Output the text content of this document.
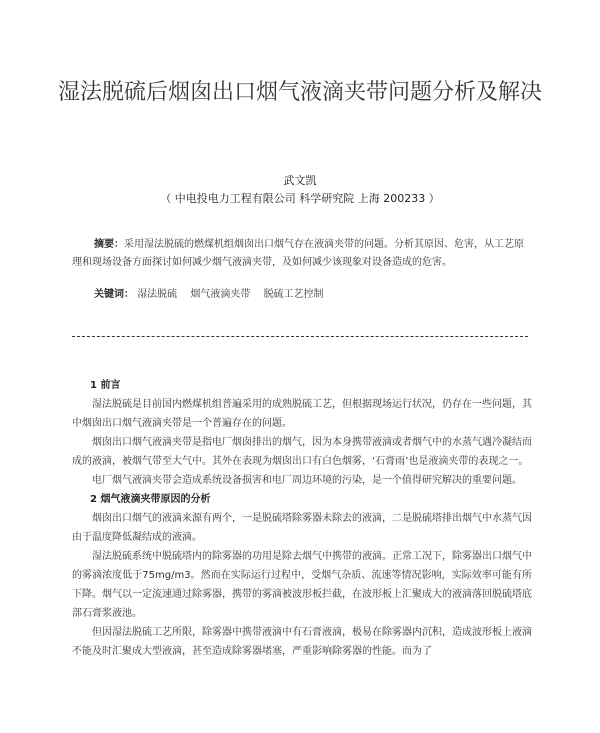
湿法脱硫后烟囱出口烟气液滴夹带问题分析及解决
武文凯
（ 中电投电力工程有限公司 科学研究院 上海 200233 ）
摘要：采用湿法脱硫的燃煤机组烟囱出口烟气存在液滴夹带的问题。分析其原因、危害，从工艺原理和现场设备方面探讨如何减少烟气液滴夹带，及如何减少该现象对设备造成的危害。
关键词： 湿法脱硫 烟气液滴夹带 脱硫工艺控制

1 前言

湿法脱硫是目前国内燃煤机组普遍采用的成熟脱硫工艺，但根据现场运行状况，仍存在一些问题，其中烟囱出口烟气液滴夹带是一个普遍存在的问题。

烟囱出口烟气液滴夹带是指电厂烟囱排出的烟气，因为本身携带液滴或者烟气中的水蒸气遇冷凝结而成的液滴，被烟气带至大气中。其外在表现为烟囱出口有白色烟雾，‘石膏雨’也是液滴夹带的表现之一。

电厂烟气液滴夹带会造成系统设备损害和电厂周边环境的污染，是一个值得研究解决的重要问题。

2 烟气液滴夹带原因的分析

烟囱出口烟气的液滴来源有两个，一是脱硫塔除雾器未除去的液滴，二是脱硫塔排出烟气中水蒸气因由于温度降低凝结成的液滴。

湿法脱硫系统中脱硫塔内的除雾器的功用是除去烟气中携带的液滴。正常工况下，除雾器出口烟气中的雾滴浓度低于75mg/m3。然而在实际运行过程中，受烟气杂质、流速等情况影响，实际效率可能有所下降。烟气以一定流速通过除雾器，携带的雾滴被波形板拦截，在波形板上汇聚成大的液滴落回脱硫塔底部石膏浆液池。

但因湿法脱硫工艺所限，除雾器中携带液滴中有石膏液滴，极易在除雾器内沉积，造成波形板上液滴不能及时汇聚成大型液滴，甚至造成除雾器堵塞，严重影响除雾器的性能。而为了
